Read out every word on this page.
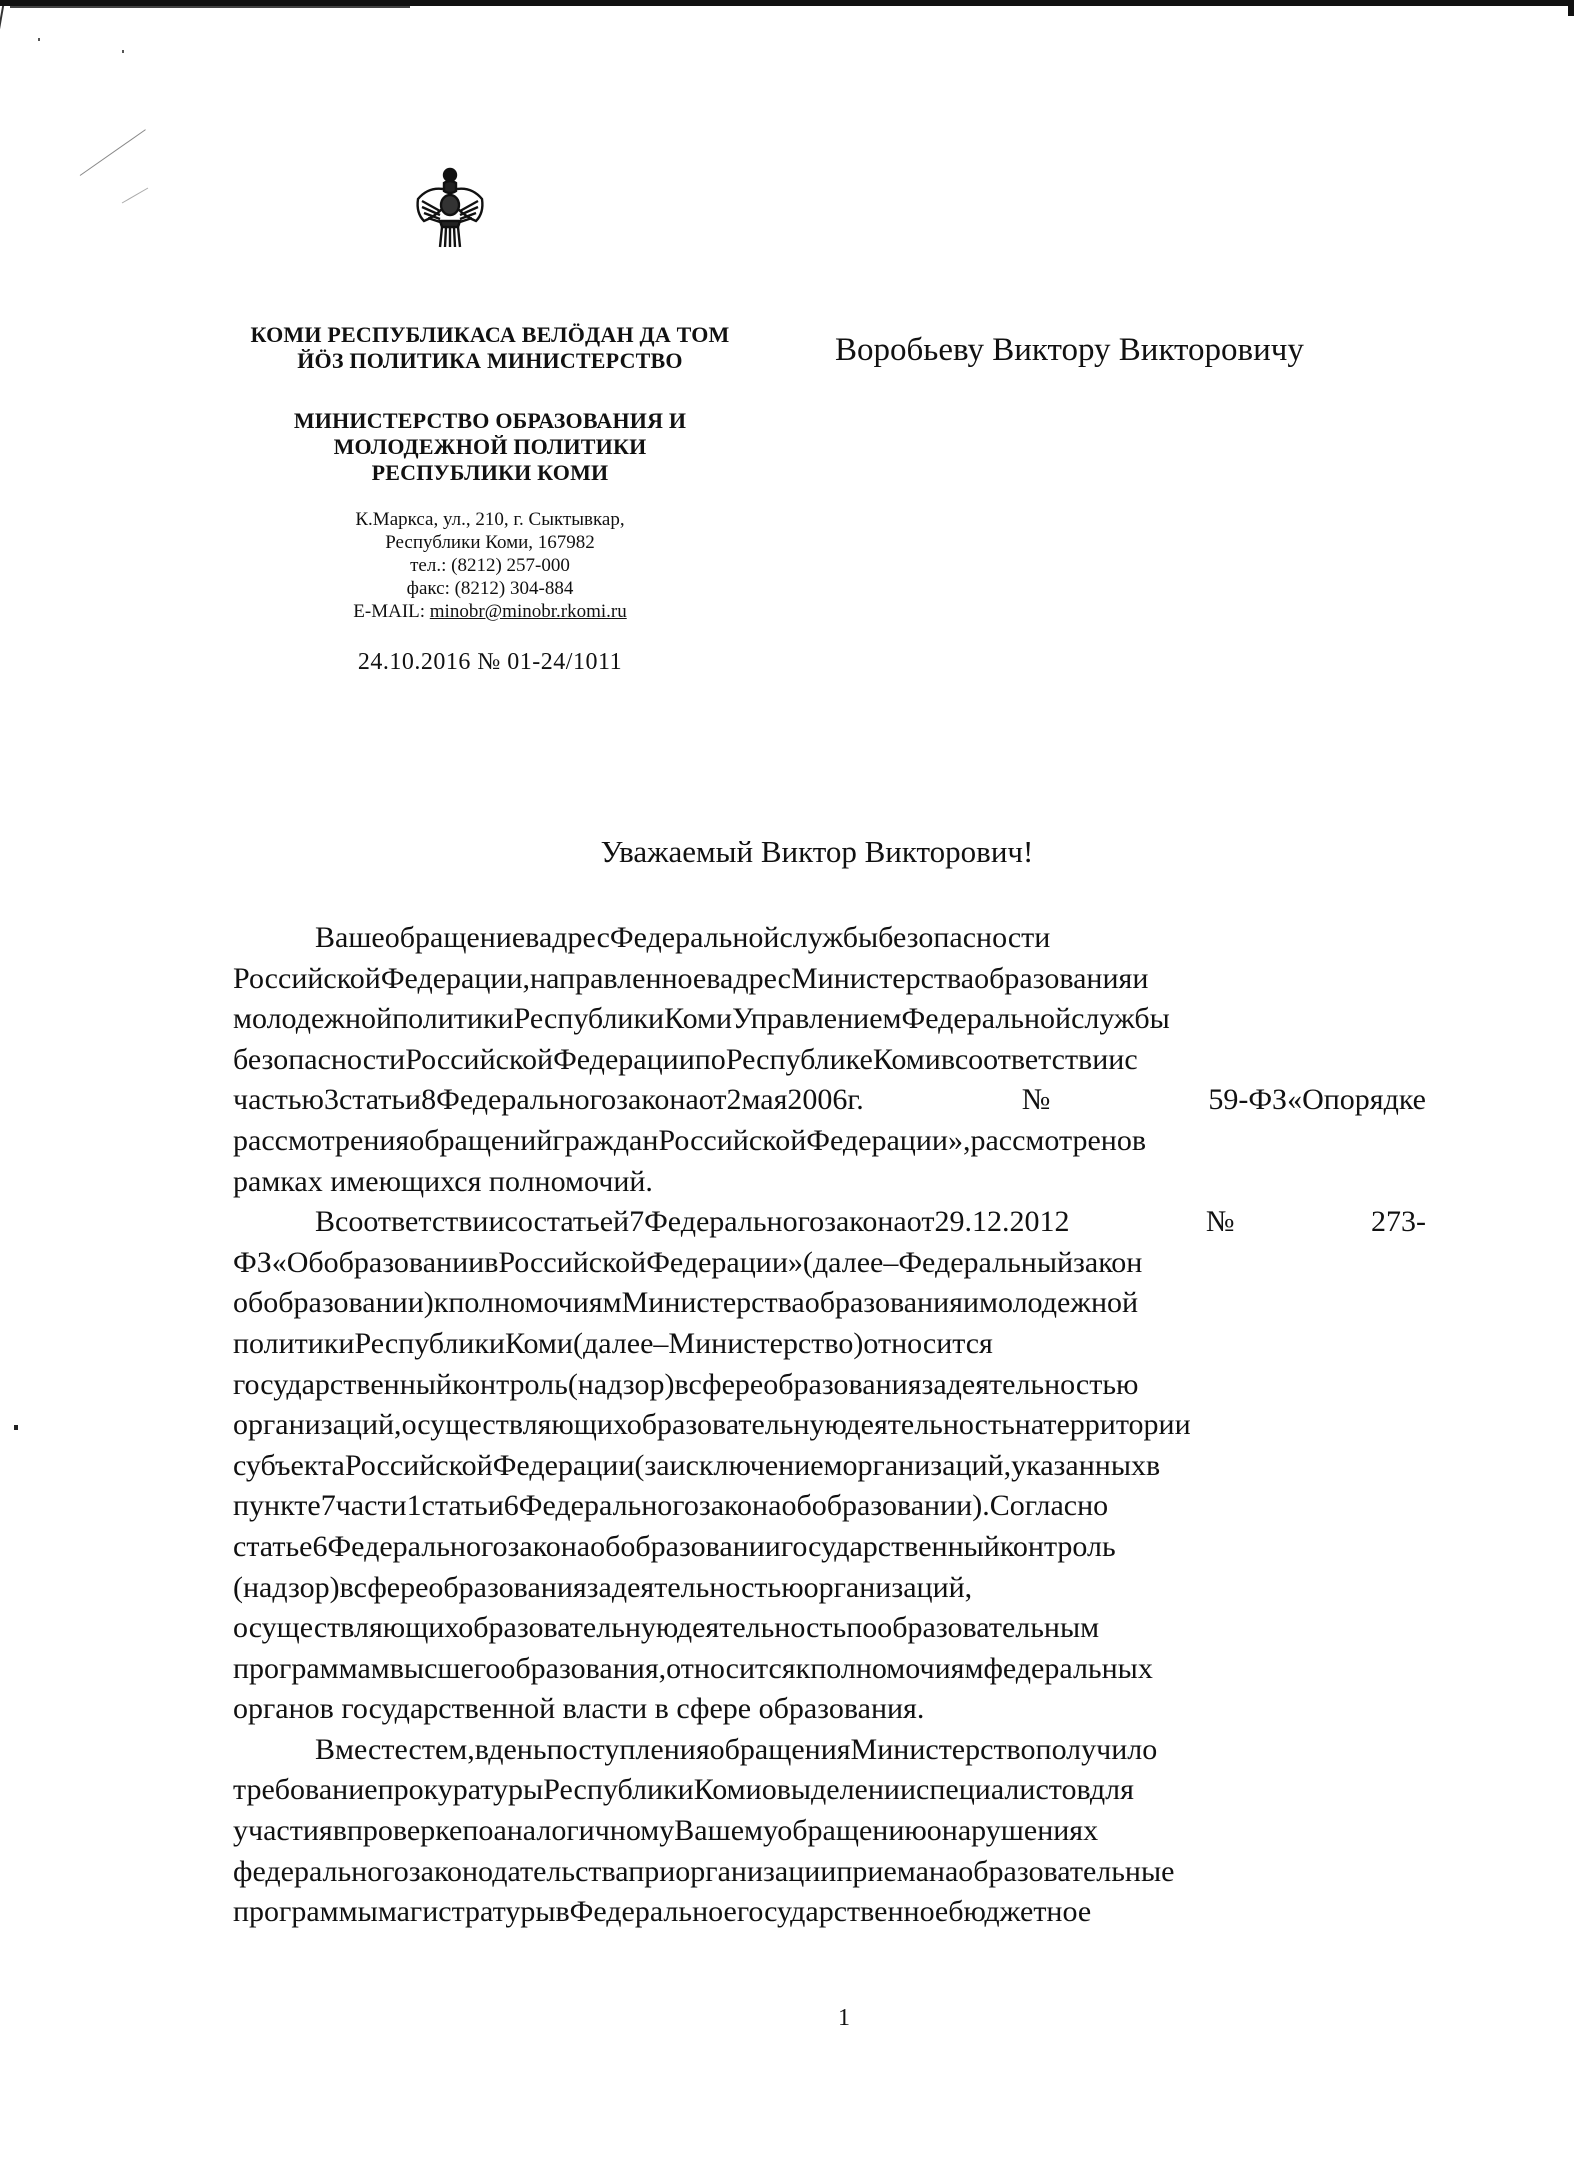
КОМИ РЕСПУБЛИКАСА ВЕЛӦДАН ДА ТОМ
ЙӦЗ ПОЛИТИКА МИНИСТЕРСТВО
МИНИСТЕРСТВО ОБРАЗОВАНИЯ И
МОЛОДЕЖНОЙ ПОЛИТИКИ
РЕСПУБЛИКИ КОМИ
К.Маркса, ул., 210, г. Сыктывкар,
Республики Коми, 167982
тел.: (8212) 257-000
факс: (8212) 304-884
E-MAIL: minobr@minobr.rkomi.ru
24.10.2016 № 01-24/1011
Воробьеву Виктору Викторовичу
Уважаемый Виктор Викторович!
ВашеобращениевадресФедеральнойслужбыбезопасности
РоссийскойФедерации,направленноевадресМинистерстваобразованияи
молодежнойполитикиРеспубликиКомиУправлениемФедеральнойслужбы
безопасностиРоссийскойФедерациипоРеспубликеКомивсоответствиис
частью3статьи8Федеральногозаконаот2мая2006г.№59-ФЗ«Опорядке
рассмотренияобращенийгражданРоссийскойФедерации»,рассмотренов
рамках имеющихся полномочий.
Всоответствиисостатьей7Федеральногозаконаот29.12.2012№273-
ФЗ«ОбобразованиивРоссийскойФедерации»(далее–Федеральныйзакон
обобразовании)кполномочиямМинистерстваобразованияимолодежной
политикиРеспубликиКоми(далее–Министерство)относится
государственныйконтроль(надзор)всфереобразованиязадеятельностью
организаций,осуществляющихобразовательнуюдеятельностьнатерритории
субъектаРоссийскойФедерации(заисключениеморганизаций,указанныхв
пункте7части1статьи6Федеральногозаконаобобразовании).Согласно
статье6Федеральногозаконаобобразованиигосударственныйконтроль
(надзор)всфереобразованиязадеятельностьюорганизаций,
осуществляющихобразовательнуюдеятельностьпообразовательным
программамвысшегообразования,относитсякполномочиямфедеральных
органов государственной власти в сфере образования.
Вместестем,вденьпоступленияобращенияМинистерствополучило
требованиепрокуратурыРеспубликиКомиовыделенииспециалистовдля
участиявпроверкепоаналогичномуВашемуобращениюонарушениях
федеральногозаконодательстваприорганизацииприеманаобразовательные
программымагистратурывФедеральноегосударственноебюджетное
1
